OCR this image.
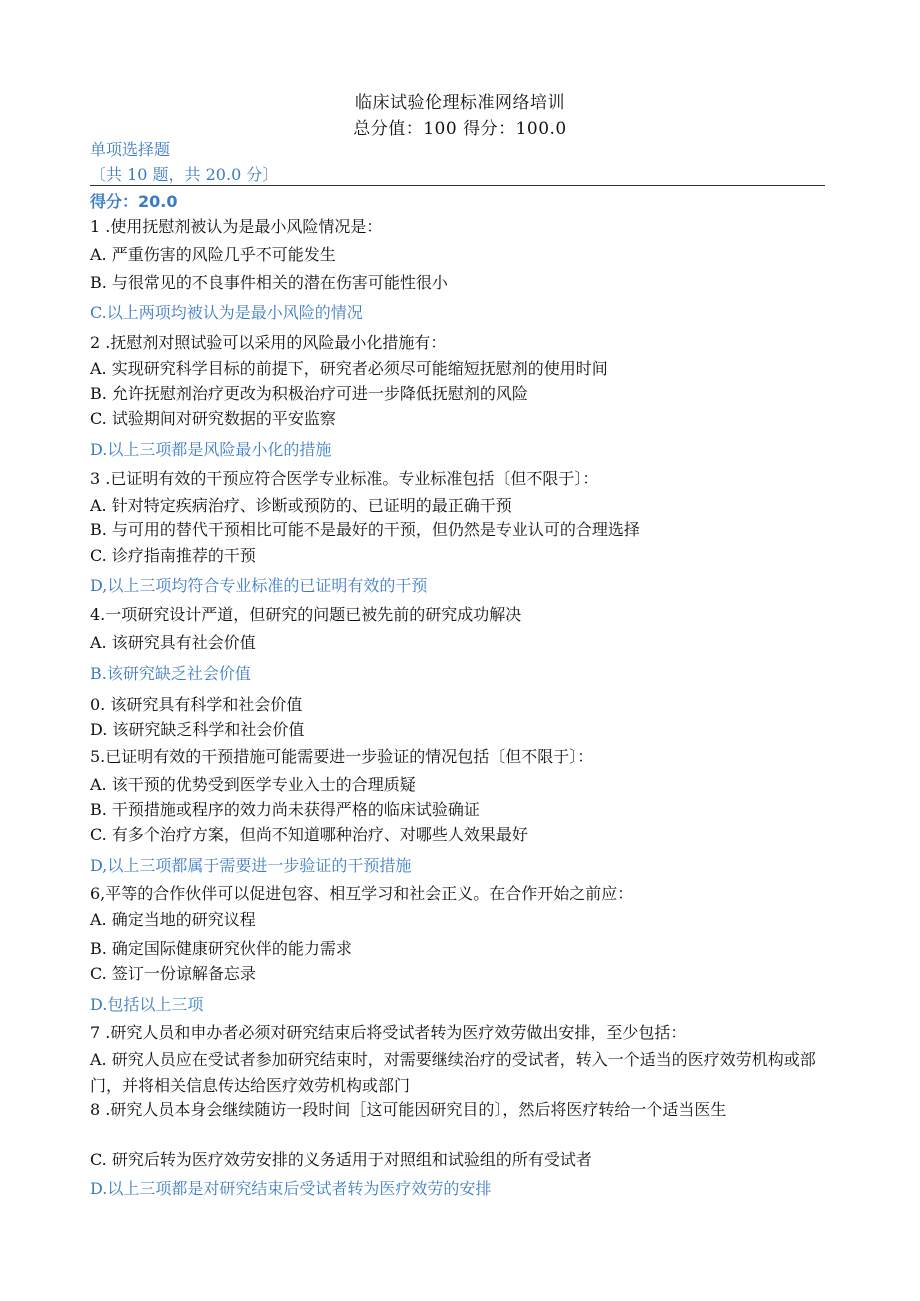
临床试验伦理标准网络培训
总分值：100 得分：100.0
单项选择题
〔共 10 题，共 20.0 分〕
得分：20.0
1 .使用抚慰剂被认为是最小风险情况是：
A. 严重伤害的风险几乎不可能发生
B. 与很常见的不良事件相关的潜在伤害可能性很小
C.以上两项均被认为是最小风险的情况
2 .抚慰剂对照试验可以采用的风险最小化措施有：
A. 实现研究科学目标的前提下，研究者必须尽可能缩短抚慰剂的使用时间
B. 允许抚慰剂治疗更改为积极治疗可进一步降低抚慰剂的风险
C. 试验期间对研究数据的平安监察
D.以上三项都是风险最小化的措施
3 .已证明有效的干预应符合医学专业标准。专业标准包括〔但不限于〕：
A. 针对特定疾病治疗、诊断或预防的、已证明的最正确干预
B. 与可用的替代干预相比可能不是最好的干预，但仍然是专业认可的合理选择
C. 诊疗指南推荐的干预
D,以上三项均符合专业标准的已证明有效的干预
4.一项研究设计严道，但研究的问题已被先前的研究成功解决
A. 该研究具有社会价值
B.该研究缺乏社会价值
0. 该研究具有科学和社会价值
D. 该研究缺乏科学和社会价值
5.已证明有效的干预措施可能需要进一步验证的情况包括〔但不限于〕：
A. 该干预的优势受到医学专业入士的合理质疑
B. 干预措施或程序的效力尚未获得严格的临床试验确证
C. 有多个治疗方案，但尚不知道哪种治疗、对哪些人效果最好
D,以上三项都属于需要进一步验证的干预措施
6,平等的合作伙伴可以促进包容、相互学习和社会正义。在合作开始之前应：
A. 确定当地的研究议程
B. 确定国际健康研究伙伴的能力需求
C. 签订一份谅解备忘录
D.包括以上三项
7 .研究人员和申办者必须对研究结束后将受试者转为医疗效劳做出安排，至少包括：
A. 研究人员应在受试者参加研究结束时，对需要继续治疗的受试者，转入一个适当的医疗效劳机构或部门，并将相关信息传达给医疗效劳机构或部门
8 .研究人员本身会继续随访一段时间［这可能因研究目的〕，然后将医疗转给一个适当医生
C. 研究后转为医疗效劳安排的义务适用于对照组和试验组的所有受试者
D.以上三项都是对研究结束后受试者转为医疗效劳的安排
